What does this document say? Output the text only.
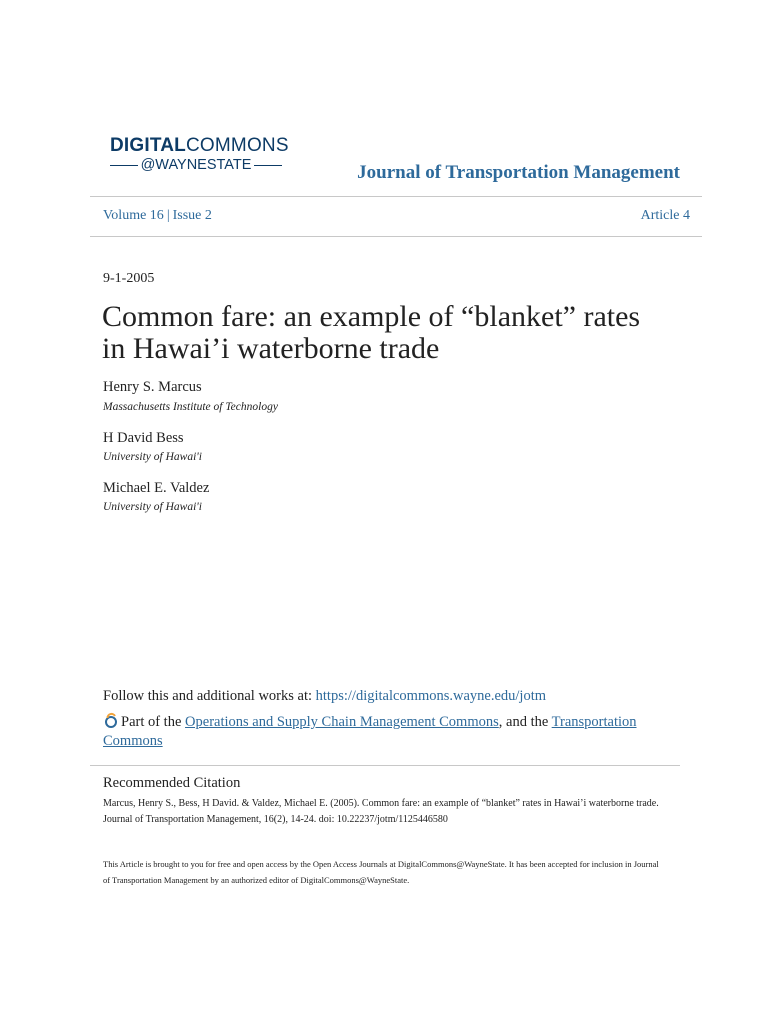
DIGITALCOMMONS
@WAYNESTATE	Journal of Transportation Management
Volume 16 | Issue 2	Article 4
9-1-2005
Common fare: an example of “blanket” rates in Hawai’i waterborne trade
Henry S. Marcus
Massachusetts Institute of Technology
H David Bess
University of Hawai'i
Michael E. Valdez
University of Hawai'i
Follow this and additional works at: https://digitalcommons.wayne.edu/jotm
Part of the Operations and Supply Chain Management Commons, and the Transportation Commons
Recommended Citation
Marcus, Henry S., Bess, H David. & Valdez, Michael E. (2005). Common fare: an example of “blanket” rates in Hawai’i waterborne trade. Journal of Transportation Management, 16(2), 14-24. doi: 10.22237/jotm/1125446580
This Article is brought to you for free and open access by the Open Access Journals at DigitalCommons@WayneState. It has been accepted for inclusion in Journal of Transportation Management by an authorized editor of DigitalCommons@WayneState.
